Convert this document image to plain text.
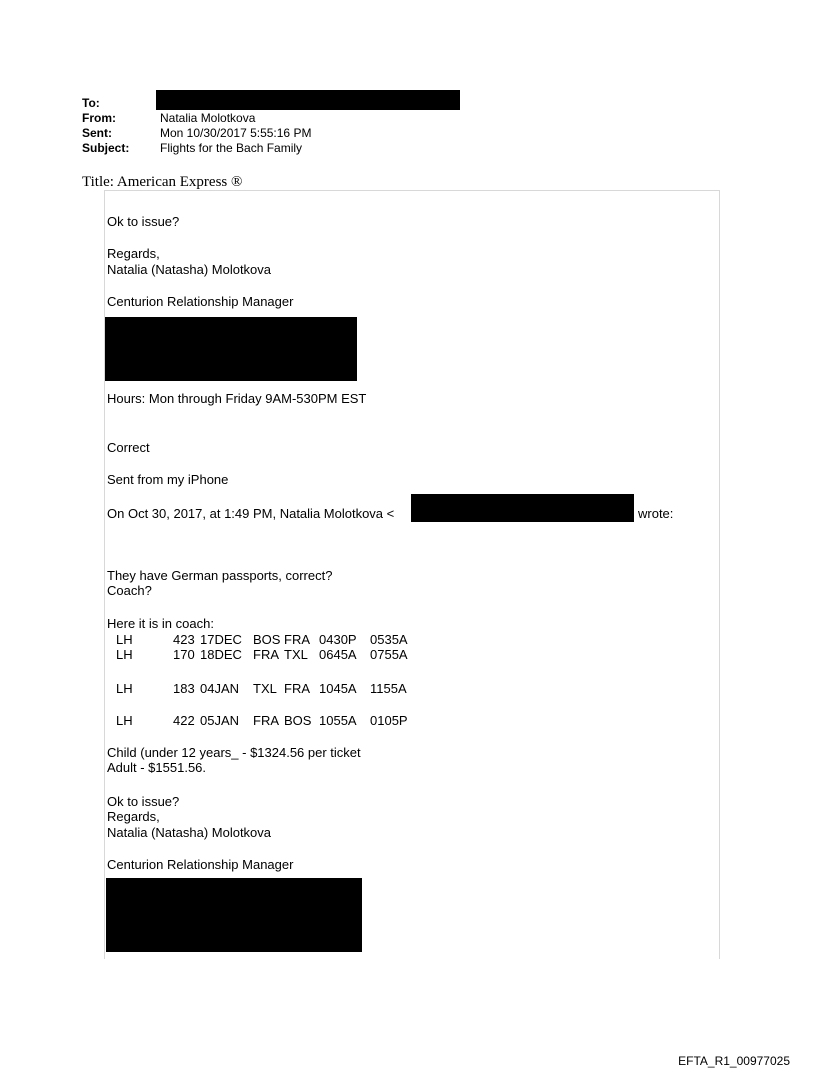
To:
From:	Natalia Molotkova
Sent:	Mon 10/30/2017 5:55:16 PM
Subject:	Flights for the Bach Family
Title: American Express ®
Ok to issue?
Regards,
Natalia (Natasha) Molotkova
Centurion Relationship Manager
Hours: Mon through Friday 9AM-530PM EST
Correct
Sent from my iPhone
On Oct 30, 2017, at 1:49 PM, Natalia Molotkova <	wrote:
They have German passports, correct?
Coach?
Here it is in coach:
LH	423 17DEC BOS FRA 0430P 0535A
LH	170 18DEC FRA TXL 0645A 0755A
LH	183 04JAN TXL FRA 1045A 1155A
LH	422 05JAN FRA BOS 1055A 0105P
Child (under 12 years_ - $1324.56 per ticket
Adult - $1551.56.
Ok to issue?
Regards,
Natalia (Natasha) Molotkova
Centurion Relationship Manager
EFTA_R1_00977025
